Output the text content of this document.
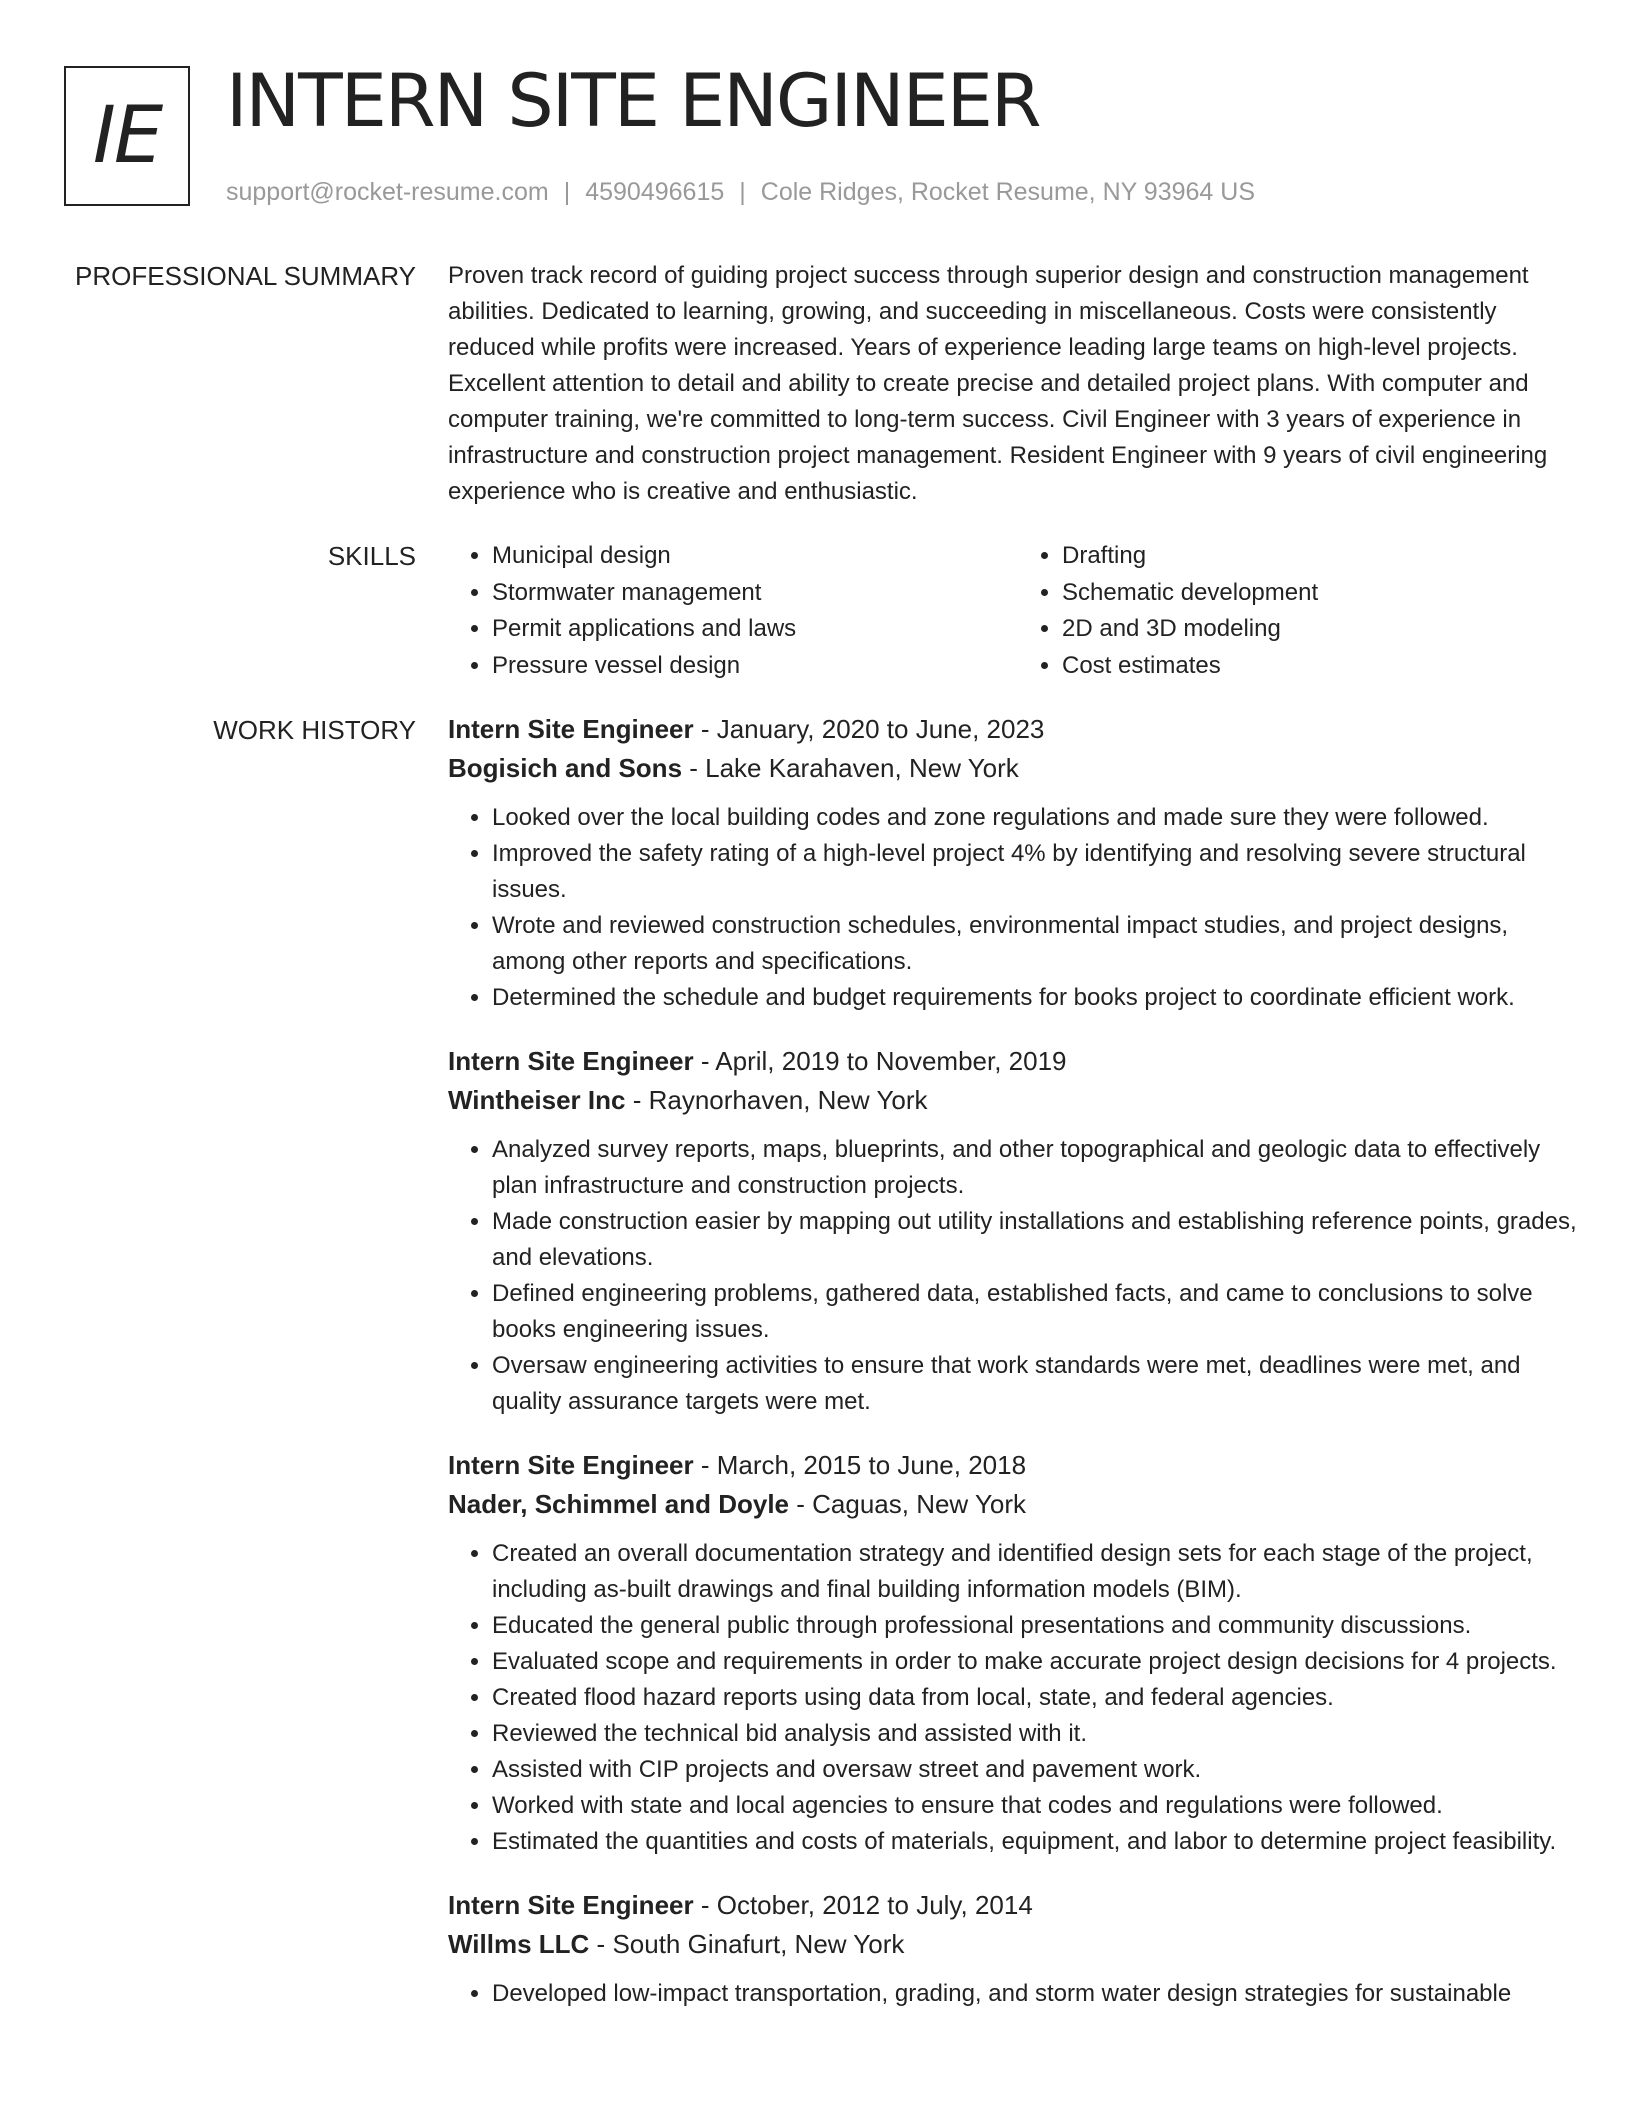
IE INTERN SITE ENGINEER
support@rocket-resume.com | 4590496615 | Cole Ridges, Rocket Resume, NY 93964 US
PROFESSIONAL SUMMARY Proven track record of guiding project success through superior design and construction management abilities. Dedicated to learning, growing, and succeeding in miscellaneous. Costs were consistently reduced while profits were increased. Years of experience leading large teams on high-level projects. Excellent attention to detail and ability to create precise and detailed project plans. With computer and computer training, we're committed to long-term success. Civil Engineer with 3 years of experience in infrastructure and construction project management. Resident Engineer with 9 years of civil engineering experience who is creative and enthusiastic.

SKILLS
•	Municipal design
• Stormwater management
• Permit applications and laws
• Pressure vessel design
• Drafting
• Schematic development
• 2D and 3D modeling
• Cost estimates
WORK HISTORY Intern Site Engineer - January, 2020 to June, 2023
Bogisich and Sons - Lake Karahaven, New York
• Looked over the local building codes and zone regulations and made sure they were followed.
• Improved the safety rating of a high-level project 4% by identifying and resolving severe structural issues.
• Wrote and reviewed construction schedules, environmental impact studies, and project designs, among other reports and specifications.
• Determined the schedule and budget requirements for books project to coordinate efficient work.
Intern Site Engineer - April, 2019 to November, 2019
Wintheiser Inc - Raynorhaven, New York
• Analyzed survey reports, maps, blueprints, and other topographical and geologic data to effectively plan infrastructure and construction projects.
• Made construction easier by mapping out utility installations and establishing reference points, grades, and elevations.
• Defined engineering problems, gathered data, established facts, and came to conclusions to solve books engineering issues.
• Oversaw engineering activities to ensure that work standards were met, deadlines were met, and quality assurance targets were met.
Intern Site Engineer - March, 2015 to June, 2018
Nader, Schimmel and Doyle - Caguas, New York
• Created an overall documentation strategy and identified design sets for each stage of the project, including as-built drawings and final building information models (BIM).
• Educated the general public through professional presentations and community discussions.
• Evaluated scope and requirements in order to make accurate project design decisions for 4 projects.
• Created flood hazard reports using data from local, state, and federal agencies.
• Reviewed the technical bid analysis and assisted with it.
• Assisted with CIP projects and oversaw street and pavement work.
• Worked with state and local agencies to ensure that codes and regulations were followed.
• Estimated the quantities and costs of materials, equipment, and labor to determine project feasibility.
Intern Site Engineer - October, 2012 to July, 2014
Willms LLC - South Ginafurt, New York
• Developed low-impact transportation, grading, and storm water design strategies for sustainable
